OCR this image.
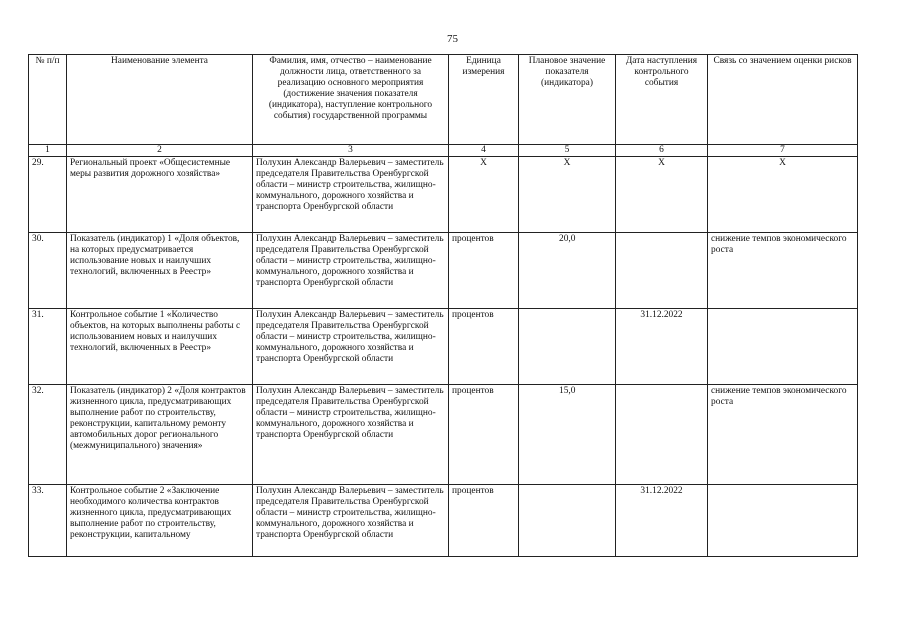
75
№ п/п	Наименование элемента	Фамилия, имя, отчество – наименование должности лица, ответственного за реализацию основного мероприятия (достижение значения показателя (индикатора), наступление контрольного события) государственной программы	Единица измерения	Плановое значение показателя (индикатора)	Дата наступления контрольного события	Связь со значением оценки рисков
1	2	3	4	5	6	7
29.	Региональный проект «Общесистемные меры развития дорожного хозяйства»	Полухин Александр Валерьевич – заместитель председателя Правительства Оренбургской области – министр строительства, жилищно-коммунального, дорожного хозяйства и транспорта Оренбургской области	X	X	X	X
30.	Показатель (индикатор) 1 «Доля объектов, на которых предусматривается использование новых и наилучших технологий, включенных в Реестр»	Полухин Александр Валерьевич – заместитель председателя Правительства Оренбургской области – министр строительства, жилищно-коммунального, дорожного хозяйства и транспорта Оренбургской области	процентов	20,0		снижение темпов экономического роста
31.	Контрольное событие 1 «Количество объектов, на которых выполнены работы с использованием новых и наилучших технологий, включенных в Реестр»	Полухин Александр Валерьевич – заместитель председателя Правительства Оренбургской области – министр строительства, жилищно-коммунального, дорожного хозяйства и транспорта Оренбургской области	процентов		31.12.2022	
32.	Показатель (индикатор) 2 «Доля контрактов жизненного цикла, предусматривающих выполнение работ по строительству, реконструкции, капитальному ремонту автомобильных дорог регионального (межмуниципального) значения»	Полухин Александр Валерьевич – заместитель председателя Правительства Оренбургской области – министр строительства, жилищно-коммунального, дорожного хозяйства и транспорта Оренбургской области	процентов	15,0		снижение темпов экономического роста
33.	Контрольное событие 2 «Заключение необходимого количества контрактов жизненного цикла, предусматривающих выполнение работ по строительству, реконструкции, капитальному	Полухин Александр Валерьевич – заместитель председателя Правительства Оренбургской области – министр строительства, жилищно-коммунального, дорожного хозяйства и транспорта Оренбургской области	процентов		31.12.2022	
